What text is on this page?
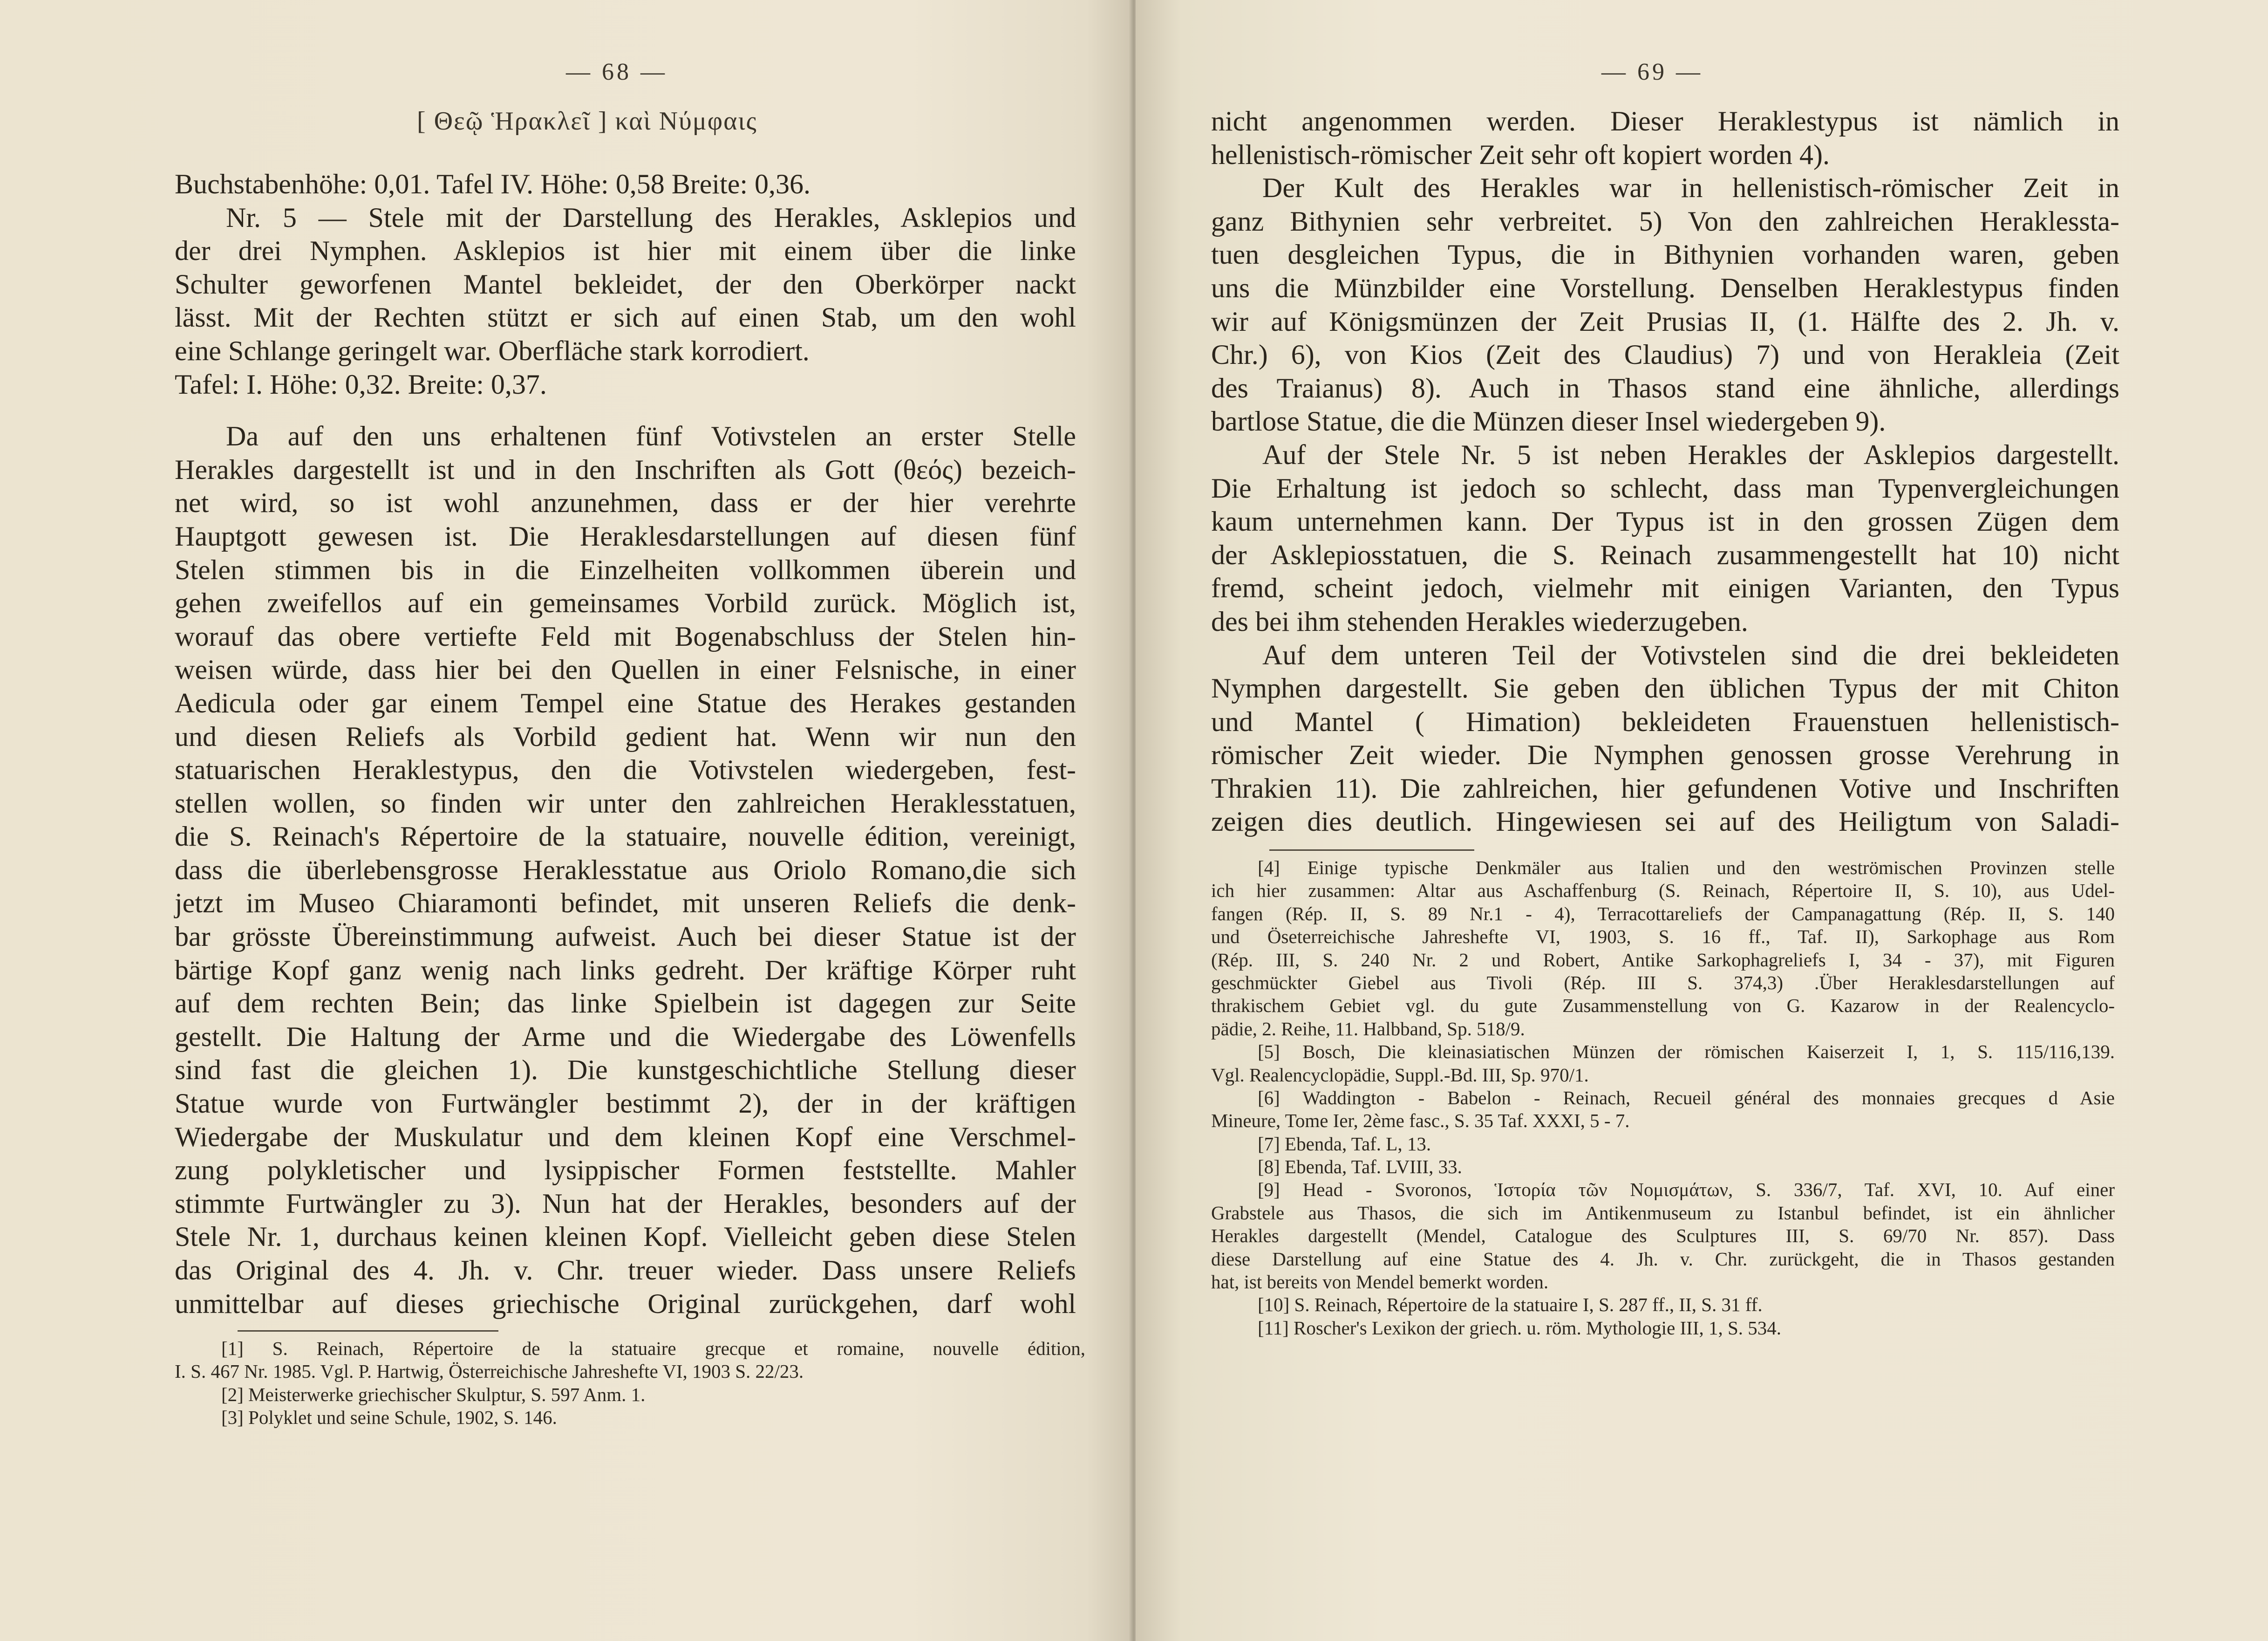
— 68 —
[ Θεῷ Ἡρακλεῖ ] καὶ Νύμφαις
Buchstabenhöhe: 0,01. Tafel IV. Höhe: 0,58 Breite: 0,36.
Nr. 5 — Stele mit der Darstellung des Herakles, Asklepios und
der drei Nymphen. Asklepios ist hier mit einem über die linke
Schulter geworfenen Mantel bekleidet, der den Oberkörper nackt
lässt. Mit der Rechten stützt er sich auf einen Stab, um den wohl
eine Schlange geringelt war. Oberfläche stark korrodiert.
Tafel: I. Höhe: 0,32. Breite: 0,37.
Da auf den uns erhaltenen fünf Votivstelen an erster Stelle
Herakles dargestellt ist und in den Inschriften als Gott (θεός) bezeich-
net wird, so ist wohl anzunehmen, dass er der hier verehrte
Hauptgott gewesen ist. Die Heraklesdarstellungen auf diesen fünf
Stelen stimmen bis in die Einzelheiten vollkommen überein und
gehen zweifellos auf ein gemeinsames Vorbild zurück. Möglich ist,
worauf das obere vertiefte Feld mit Bogenabschluss der Stelen hin-
weisen würde, dass hier bei den Quellen in einer Felsnische, in einer
Aedicula oder gar einem Tempel eine Statue des Herakes gestanden
und diesen Reliefs als Vorbild gedient hat. Wenn wir nun den
statuarischen Heraklestypus, den die Votivstelen wiedergeben, fest-
stellen wollen, so finden wir unter den zahlreichen Heraklesstatuen,
die S. Reinach's Répertoire de la statuaire, nouvelle édition, vereinigt,
dass die überlebensgrosse Heraklesstatue aus Oriolo Romano,die sich
jetzt im Museo Chiaramonti befindet, mit unseren Reliefs die denk-
bar grösste Übereinstimmung aufweist. Auch bei dieser Statue ist der
bärtige Kopf ganz wenig nach links gedreht. Der kräftige Körper ruht
auf dem rechten Bein; das linke Spielbein ist dagegen zur Seite
gestellt. Die Haltung der Arme und die Wiedergabe des Löwenfells
sind fast die gleichen 1). Die kunstgeschichtliche Stellung dieser
Statue wurde von Furtwängler bestimmt 2), der in der kräftigen
Wiedergabe der Muskulatur und dem kleinen Kopf eine Verschmel-
zung polykletischer und lysippischer Formen feststellte. Mahler
stimmte Furtwängler zu 3). Nun hat der Herakles, besonders auf der
Stele Nr. 1, durchaus keinen kleinen Kopf. Vielleicht geben diese Stelen
das Original des 4. Jh. v. Chr. treuer wieder. Dass unsere Reliefs
unmittelbar auf dieses griechische Original zurückgehen, darf wohl
[1] S. Reinach, Répertoire de la statuaire grecque et romaine, nouvelle édition,
I. S. 467 Nr. 1985. Vgl. P. Hartwig, Österreichische Jahreshefte VI, 1903 S. 22/23.
[2] Meisterwerke griechischer Skulptur, S. 597 Anm. 1.
[3] Polyklet und seine Schule, 1902, S. 146.
— 69 —
nicht angenommen werden. Dieser Heraklestypus ist nämlich in
hellenistisch-römischer Zeit sehr oft kopiert worden 4).
Der Kult des Herakles war in hellenistisch-römischer Zeit in
ganz Bithynien sehr verbreitet. 5) Von den zahlreichen Heraklessta-
tuen desgleichen Typus, die in Bithynien vorhanden waren, geben
uns die Münzbilder eine Vorstellung. Denselben Heraklestypus finden
wir auf Königsmünzen der Zeit Prusias II, (1. Hälfte des 2. Jh. v.
Chr.) 6), von Kios (Zeit des Claudius) 7) und von Herakleia (Zeit
des Traianus) 8). Auch in Thasos stand eine ähnliche, allerdings
bartlose Statue, die die Münzen dieser Insel wiedergeben 9).
Auf der Stele Nr. 5 ist neben Herakles der Asklepios dargestellt.
Die Erhaltung ist jedoch so schlecht, dass man Typenvergleichungen
kaum unternehmen kann. Der Typus ist in den grossen Zügen dem
der Asklepiosstatuen, die S. Reinach zusammengestellt hat 10) nicht
fremd, scheint jedoch, vielmehr mit einigen Varianten, den Typus
des bei ihm stehenden Herakles wiederzugeben.
Auf dem unteren Teil der Votivstelen sind die drei bekleideten
Nymphen dargestellt. Sie geben den üblichen Typus der mit Chiton
und Mantel ( Himation) bekleideten Frauenstuen hellenistisch-
römischer Zeit wieder. Die Nymphen genossen grosse Verehrung in
Thrakien 11). Die zahlreichen, hier gefundenen Votive und Inschriften
zeigen dies deutlich. Hingewiesen sei auf des Heiligtum von Saladi-
[4] Einige typische Denkmäler aus Italien und den weströmischen Provinzen stelle
ich hier zusammen: Altar aus Aschaffenburg (S. Reinach, Répertoire II, S. 10), aus Udel-
fangen (Rép. II, S. 89 Nr.1 - 4), Terracottareliefs der Campanagattung (Rép. II, S. 140
und Öseterreichische Jahreshefte VI, 1903, S. 16 ff., Taf. II), Sarkophage aus Rom
(Rép. III, S. 240 Nr. 2 und Robert, Antike Sarkophagreliefs I, 34 - 37), mit Figuren
geschmückter Giebel aus Tivoli (Rép. III S. 374,3) .Über Heraklesdarstellungen auf
thrakischem Gebiet vgl. du gute Zusammenstellung von G. Kazarow in der Realencyclo-
pädie, 2. Reihe, 11. Halbband, Sp. 518/9.
[5] Bosch, Die kleinasiatischen Münzen der römischen Kaiserzeit I, 1, S. 115/116,139.
Vgl. Realencyclopädie, Suppl.-Bd. III, Sp. 970/1.
[6] Waddington - Babelon - Reinach, Recueil général des monnaies grecques d Asie
Mineure, Tome Ier, 2ème fasc., S. 35 Taf. XXXI, 5 - 7.
[7] Ebenda, Taf. L, 13.
[8] Ebenda, Taf. LVIII, 33.
[9] Head - Svoronos, Ἱστορία τῶν Νομισμάτων, S. 336/7, Taf. XVI, 10. Auf einer
Grabstele aus Thasos, die sich im Antikenmuseum zu Istanbul befindet, ist ein ähnlicher
Herakles dargestellt (Mendel, Catalogue des Sculptures III, S. 69/70 Nr. 857). Dass
diese Darstellung auf eine Statue des 4. Jh. v. Chr. zurückgeht, die in Thasos gestanden
hat, ist bereits von Mendel bemerkt worden.
[10] S. Reinach, Répertoire de la statuaire I, S. 287 ff., II, S. 31 ff.
[11] Roscher's Lexikon der griech. u. röm. Mythologie III, 1, S. 534.
